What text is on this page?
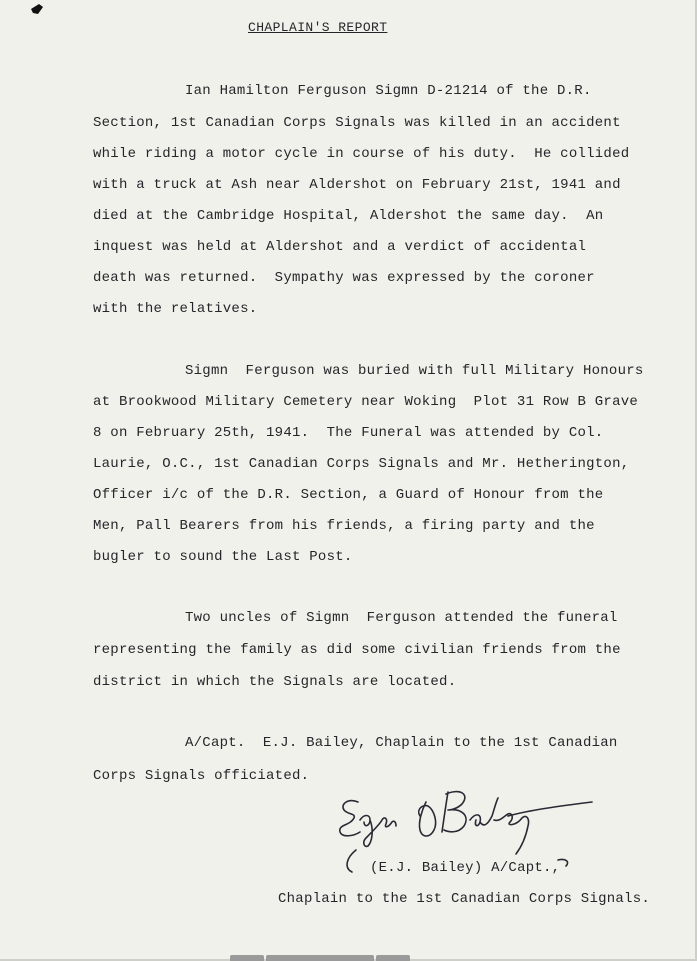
CHAPLAIN'S REPORT
Ian Hamilton Ferguson Sigmn D-21214 of the D.R.
Section, 1st Canadian Corps Signals was killed in an accident
while riding a motor cycle in course of his duty.  He collided
with a truck at Ash near Aldershot on February 21st, 1941 and
died at the Cambridge Hospital, Aldershot the same day.  An
inquest was held at Aldershot and a verdict of accidental
death was returned.  Sympathy was expressed by the coroner
with the relatives.
Sigmn  Ferguson was buried with full Military Honours
at Brookwood Military Cemetery near Woking  Plot 31 Row B Grave
8 on February 25th, 1941.  The Funeral was attended by Col.
Laurie, O.C., 1st Canadian Corps Signals and Mr. Hetherington,
Officer i/c of the D.R. Section, a Guard of Honour from the
Men, Pall Bearers from his friends, a firing party and the
bugler to sound the Last Post.
Two uncles of Sigmn  Ferguson attended the funeral
representing the family as did some civilian friends from the
district in which the Signals are located.
A/Capt.  E.J. Bailey, Chaplain to the 1st Canadian
Corps Signals officiated.
(E.J. Bailey) A/Capt.,
Chaplain to the 1st Canadian Corps Signals.
